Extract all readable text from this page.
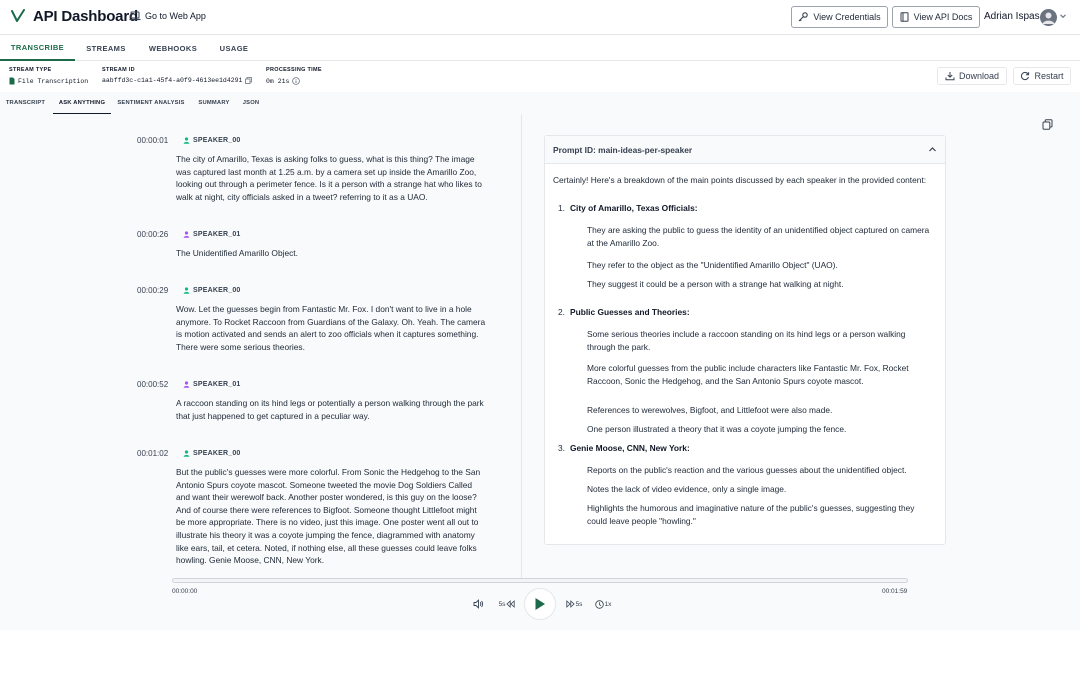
API Dashboard Go to Web App	View Credentials	View API Docs Adrian Ispas
TRANSCRIBE	STREAMS	WEBHOOKS	USAGE
STREAM TYPE
File Transcription
STREAM ID
aabffd3c-c1a1-45f4-a0f9-4613ee1d4291
PROCESSING TIME
0m 21s	Download	Restart
TRANSCRIPT	ASK ANYTHING	SENTIMENT ANALYSIS	SUMMARY	JSON
00:00:01	SPEAKER_00
The city of Amarillo, Texas is asking folks to guess, what is this thing? The image
was captured last month at 1.25 a.m. by a camera set up inside the Amarillo Zoo,
looking out through a perimeter fence. Is it a person with a strange hat who likes to
walk at night, city officials asked in a tweet? referring to it as a UAO.
00:00:26	SPEAKER_01
The Unidentified Amarillo Object.
00:00:29	SPEAKER_00
Wow. Let the guesses begin from Fantastic Mr. Fox. I don't want to live in a hole
anymore. To Rocket Raccoon from Guardians of the Galaxy. Oh. Yeah. The camera
is motion activated and sends an alert to zoo officials when it captures something.
There were some serious theories.
00:00:52	SPEAKER_01
A raccoon standing on its hind legs or potentially a person walking through the park
that just happened to get captured in a peculiar way.
00:01:02	SPEAKER_00
But the public's guesses were more colorful. From Sonic the Hedgehog to the San
Antonio Spurs coyote mascot. Someone tweeted the movie Dog Soldiers Called
and want their werewolf back. Another poster wondered, is this guy on the loose?
And of course there were references to Bigfoot. Someone thought Littlefoot might
be more appropriate. There is no video, just this image. One poster went all out to
illustrate his theory it was a coyote jumping the fence, diagrammed with anatomy
like ears, tail, et cetera. Noted, if nothing else, all these guesses could leave folks
howling. Genie Moose, CNN, New York.
Prompt ID: main-ideas-per-speaker
Certainly! Here's a breakdown of the main points discussed by each speaker in the provided content:
1. City of Amarillo, Texas Officials:
They are asking the public to guess the identity of an unidentified object captured on camera
at the Amarillo Zoo.
They refer to the object as the "Unidentified Amarillo Object" (UAO).
They suggest it could be a person with a strange hat walking at night.
2. Public Guesses and Theories:
Some serious theories include a raccoon standing on its hind legs or a person walking
through the park.
More colorful guesses from the public include characters like Fantastic Mr. Fox, Rocket
Raccoon, Sonic the Hedgehog, and the San Antonio Spurs coyote mascot.
References to werewolves, Bigfoot, and Littlefoot were also made.
One person illustrated a theory that it was a coyote jumping the fence.
3. Genie Moose, CNN, New York:
Reports on the public's reaction and the various guesses about the unidentified object.
Notes the lack of video evidence, only a single image.
Highlights the humorous and imaginative nature of the public's guesses, suggesting they
could leave people "howling."
00:00:00	00:01:59
5s	5s	1x
